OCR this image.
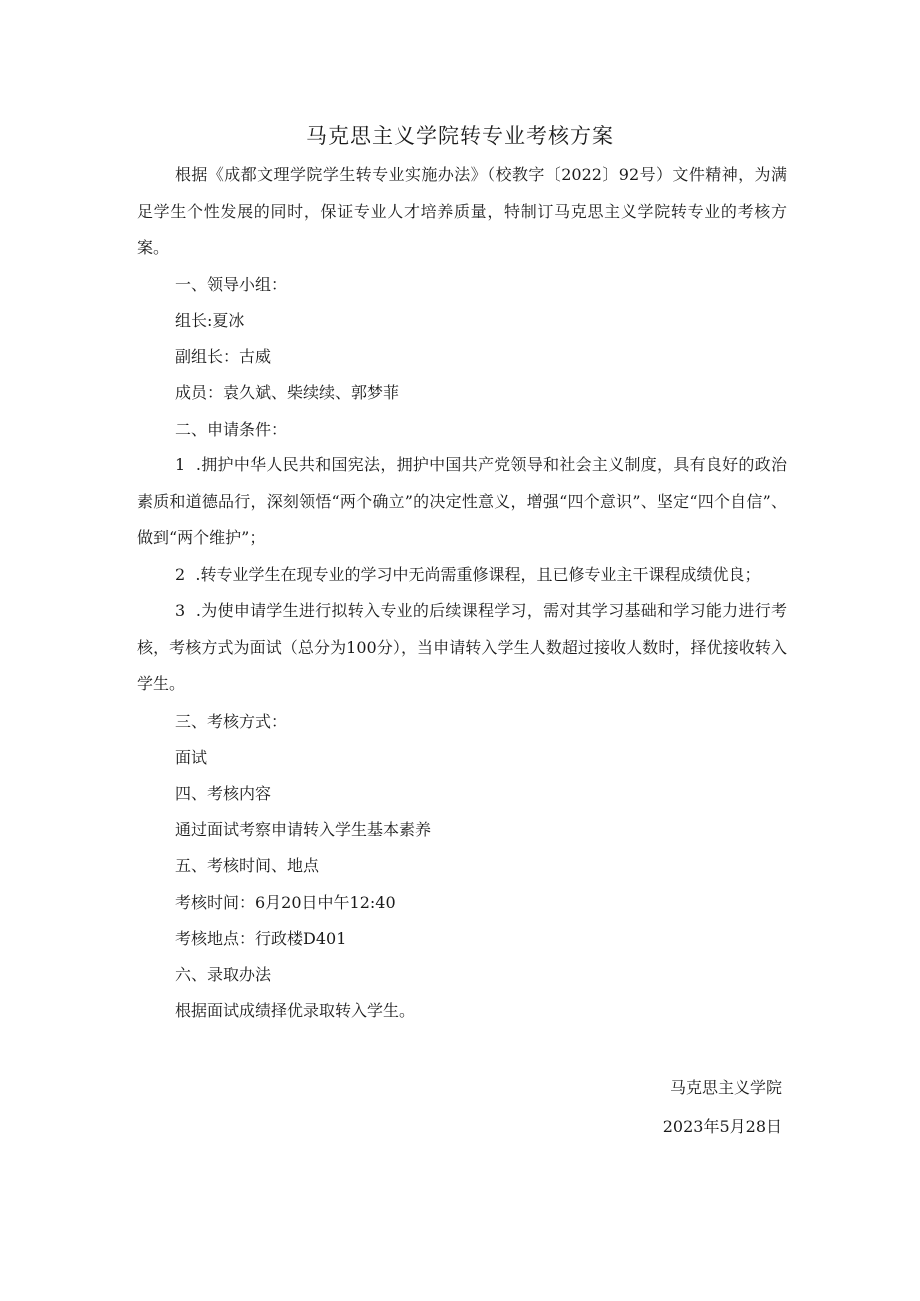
马克思主义学院转专业考核方案
根据《成都文理学院学生转专业实施办法》（校教字〔2022〕92号）文件精神，为满足学生个性发展的同时，保证专业人才培养质量，特制订马克思主义学院转专业的考核方案。
一、领导小组：
组长:夏冰
副组长：古威
成员：袁久斌、柴续续、郭梦菲
二、申请条件：
1  .拥护中华人民共和国宪法，拥护中国共产党领导和社会主义制度，具有良好的政治素质和道德品行，深刻领悟“两个确立”的决定性意义，增强“四个意识”、坚定“四个自信”、做到“两个维护”；
2  .转专业学生在现专业的学习中无尚需重修课程，且已修专业主干课程成绩优良；
3  .为使申请学生进行拟转入专业的后续课程学习，需对其学习基础和学习能力进行考核，考核方式为面试（总分为100分），当申请转入学生人数超过接收人数时，择优接收转入学生。
三、考核方式：
面试
四、考核内容
通过面试考察申请转入学生基本素养
五、考核时间、地点
考核时间：6月20日中午12:40
考核地点：行政楼D401
六、录取办法
根据面试成绩择优录取转入学生。
马克思主义学院
2023年5月28日
